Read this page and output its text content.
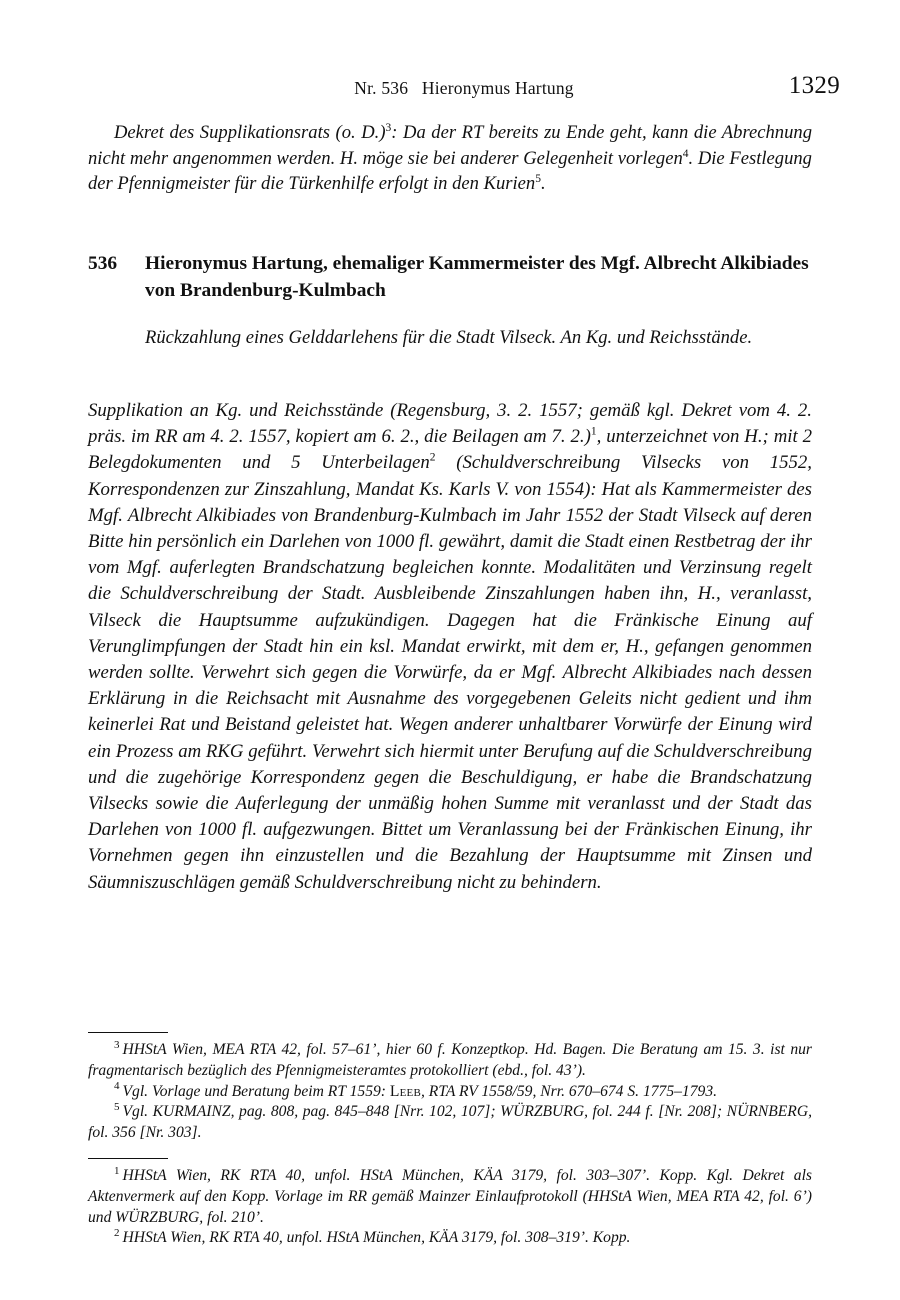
Nr. 536   Hieronymus Hartung	1329
Dekret des Supplikationsrats (o. D.)$^3$: Da der RT bereits zu Ende geht, kann die Abrechnung nicht mehr angenommen werden. H. möge sie bei anderer Gelegenheit vorlegen$^4$. Die Festlegung der Pfennigmeister für die Türkenhilfe erfolgt in den Kurien$^5$.
536	Hieronymus Hartung, ehemaliger Kammermeister des Mgf. Albrecht Alkibiades von Brandenburg-Kulmbach
Rückzahlung eines Gelddarlehens für die Stadt Vilseck. An Kg. und Reichsstände.
Supplikation an Kg. und Reichsstände (Regensburg, 3. 2. 1557; gemäß kgl. Dekret vom 4. 2. präs. im RR am 4. 2. 1557, kopiert am 6. 2., die Beilagen am 7. 2.)$^1$, unterzeichnet von H.; mit 2 Belegdokumenten und 5 Unterbeilagen$^2$ (Schuldverschreibung Vilsecks von 1552, Korrespondenzen zur Zinszahlung, Mandat Ks. Karls V. von 1554): Hat als Kammermeister des Mgf. Albrecht Alkibiades von Brandenburg-Kulmbach im Jahr 1552 der Stadt Vilseck auf deren Bitte hin persönlich ein Darlehen von 1000 fl. gewährt, damit die Stadt einen Restbetrag der ihr vom Mgf. auferlegten Brandschatzung begleichen konnte. Modalitäten und Verzinsung regelt die Schuldverschreibung der Stadt. Ausbleibende Zinszahlungen haben ihn, H., veranlasst, Vilseck die Hauptsumme aufzukündigen. Dagegen hat die Fränkische Einung auf Verunglimpfungen der Stadt hin ein ksl. Mandat erwirkt, mit dem er, H., gefangen genommen werden sollte. Verwehrt sich gegen die Vorwürfe, da er Mgf. Albrecht Alkibiades nach dessen Erklärung in die Reichsacht mit Ausnahme des vorgegebenen Geleits nicht gedient und ihm keinerlei Rat und Beistand geleistet hat. Wegen anderer unhaltbarer Vorwürfe der Einung wird ein Prozess am RKG geführt. Verwehrt sich hiermit unter Berufung auf die Schuldverschreibung und die zugehörige Korrespondenz gegen die Beschuldigung, er habe die Brandschatzung Vilsecks sowie die Auferlegung der unmäßig hohen Summe mit veranlasst und der Stadt das Darlehen von 1000 fl. aufgezwungen. Bittet um Veranlassung bei der Fränkischen Einung, ihr Vornehmen gegen ihn einzustellen und die Bezahlung der Hauptsumme mit Zinsen und Säumniszuschlägen gemäß Schuldverschreibung nicht zu behindern.

$^3$ HHStA Wien, MEA RTA 42, fol. 57–61’, hier 60 f. Konzeptkop. Hd. Bagen. Die Beratung am 15. 3. ist nur fragmentarisch bezüglich des Pfennigmeisteramtes protokolliert (ebd., fol. 43’).

$^4$ Vgl. Vorlage und Beratung beim RT 1559: Leeb, RTA RV 1558/59, Nrr. 670–674 S. 1775–1793.

$^5$ Vgl. KURMAINZ, pag. 808, pag. 845–848 [Nrr. 102, 107]; WÜRZBURG, fol. 244 f. [Nr. 208]; NÜRNBERG, fol. 356 [Nr. 303].

$^1$ HHStA Wien, RK RTA 40, unfol. HStA München, KÄA 3179, fol. 303–307’. Kopp. Kgl. Dekret als Aktenvermerk auf den Kopp. Vorlage im RR gemäß Mainzer Einlaufprotokoll (HHStA Wien, MEA RTA 42, fol. 6’) und WÜRZBURG, fol. 210’.

$^2$ HHStA Wien, RK RTA 40, unfol. HStA München, KÄA 3179, fol. 308–319’. Kopp.
